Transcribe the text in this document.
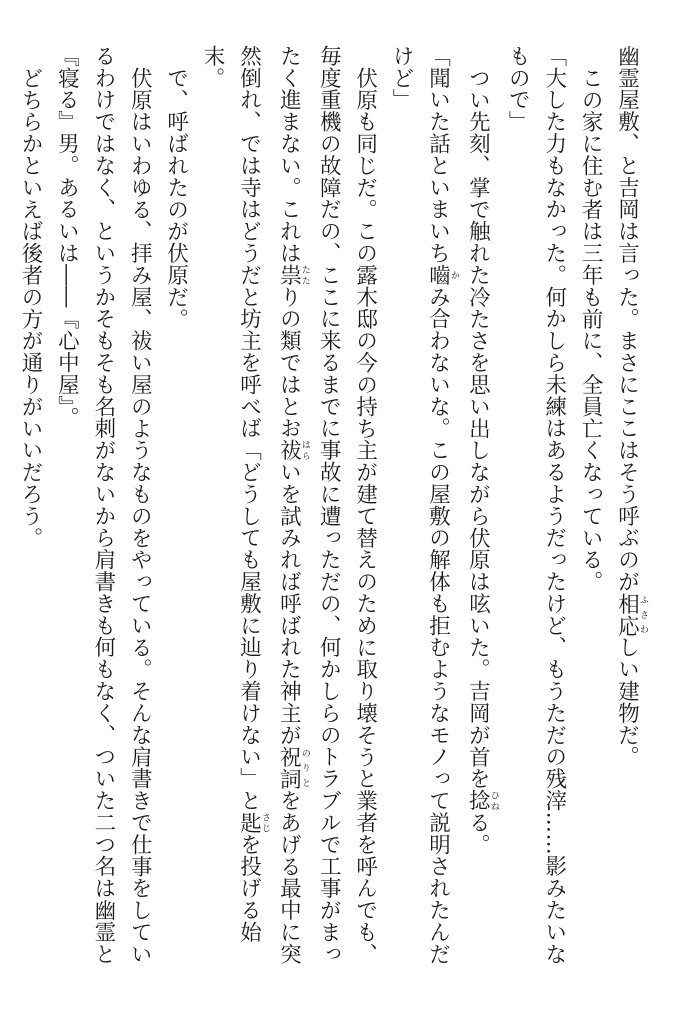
幽霊屋敷、と吉岡は言った。まさにここはそう呼ぶのが相応ふさわしい建物だ。
この家に住む者は三年も前に、全員亡くなっている。
「大した力もなかった。何かしら未練はあるようだったけど、もうただの残滓……影みたいな
もので」
つい先刻、掌で触れた冷たさを思い出しながら伏原は呟いた。吉岡が首を捻ひねる。
「聞いた話といまいち嚙かみ合わないな。この屋敷の解体も拒むようなモノって説明されたんだ
けど」
伏原も同じだ。この露木邸の今の持ち主が建て替えのために取り壊そうと業者を呼んでも、
毎度重機の故障だの、ここに来るまでに事故に遭っただの、何かしらのトラブルで工事がまっ
たく進まない。これは祟たたりの類ではとお祓はらいを試みれば呼ばれた神主が祝詞のりとをあげる最中に突
然倒れ、では寺はどうだと坊主を呼べば「どうしても屋敷に辿り着けない」と匙さじを投げる始
末。
で、呼ばれたのが伏原だ。
伏原はいわゆる、拝み屋、祓い屋のようなものをやっている。そんな肩書きで仕事をしてい
るわけではなく、というかそもそも名刺がないから肩書きも何もなく、ついた二つ名は幽霊と
『寝る』男。あるいは――『心中屋』。
どちらかといえば後者の方が通りがいいだろう。
